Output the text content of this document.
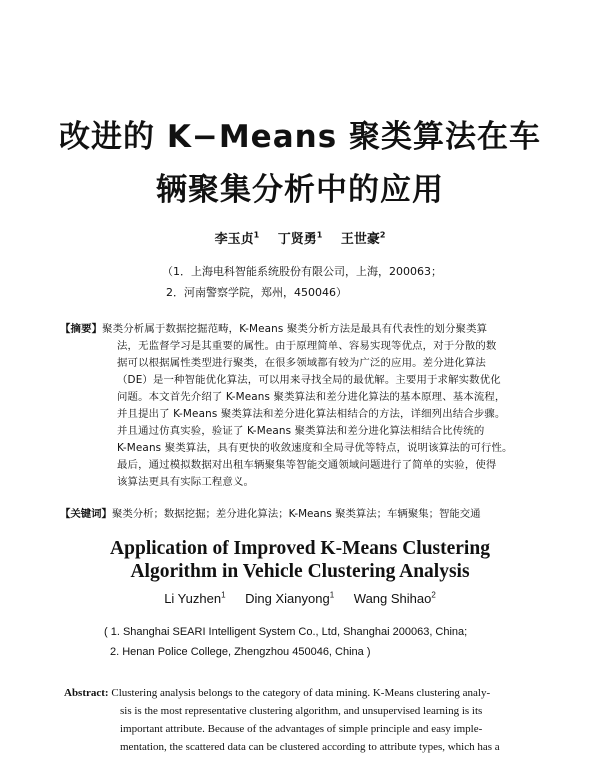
改进的 K−Means 聚类算法在车
辆聚集分析中的应用
李玉贞$^1$ 丁贤勇$^1$ 王世豪$^2$
（1．上海电科智能系统股份有限公司，上海，200063；
2．河南警察学院，郑州，450046）
【摘要】聚类分析属于数据挖掘范畴，K-Means 聚类分析方法是最具有代表性的划分聚类算
法，无监督学习是其重要的属性。由于原理简单、容易实现等优点，对于分散的数
据可以根据属性类型进行聚类，在很多领域都有较为广泛的应用。差分进化算法
（DE）是一种智能优化算法，可以用来寻找全局的最优解。主要用于求解实数优化
问题。本文首先介绍了 K-Means 聚类算法和差分进化算法的基本原理、基本流程，
并且提出了 K-Means 聚类算法和差分进化算法相结合的方法，详细列出结合步骤。
并且通过仿真实验，验证了 K-Means 聚类算法和差分进化算法相结合比传统的
K-Means 聚类算法，具有更快的收敛速度和全局寻优等特点，说明该算法的可行性。
最后，通过模拟数据对出租车辆聚集等智能交通领域问题进行了简单的实验，使得
该算法更具有实际工程意义。
【关键词】聚类分析；数据挖掘；差分进化算法；K-Means 聚类算法；车辆聚集；智能交通
Application of Improved K-Means Clustering
Algorithm in Vehicle Clustering Analysis
Li Yuzhen$^1$ Ding Xianyong$^1$ Wang Shihao$^2$
( 1. Shanghai SEARI Intelligent System Co., Ltd, Shanghai 200063, China;
2. Henan Police College, Zhengzhou 450046, China )
Abstract: Clustering analysis belongs to the category of data mining. K-Means clustering analy-
sis is the most representative clustering algorithm, and unsupervised learning is its
important attribute. Because of the advantages of simple principle and easy imple-
mentation, the scattered data can be clustered according to attribute types, which has a
